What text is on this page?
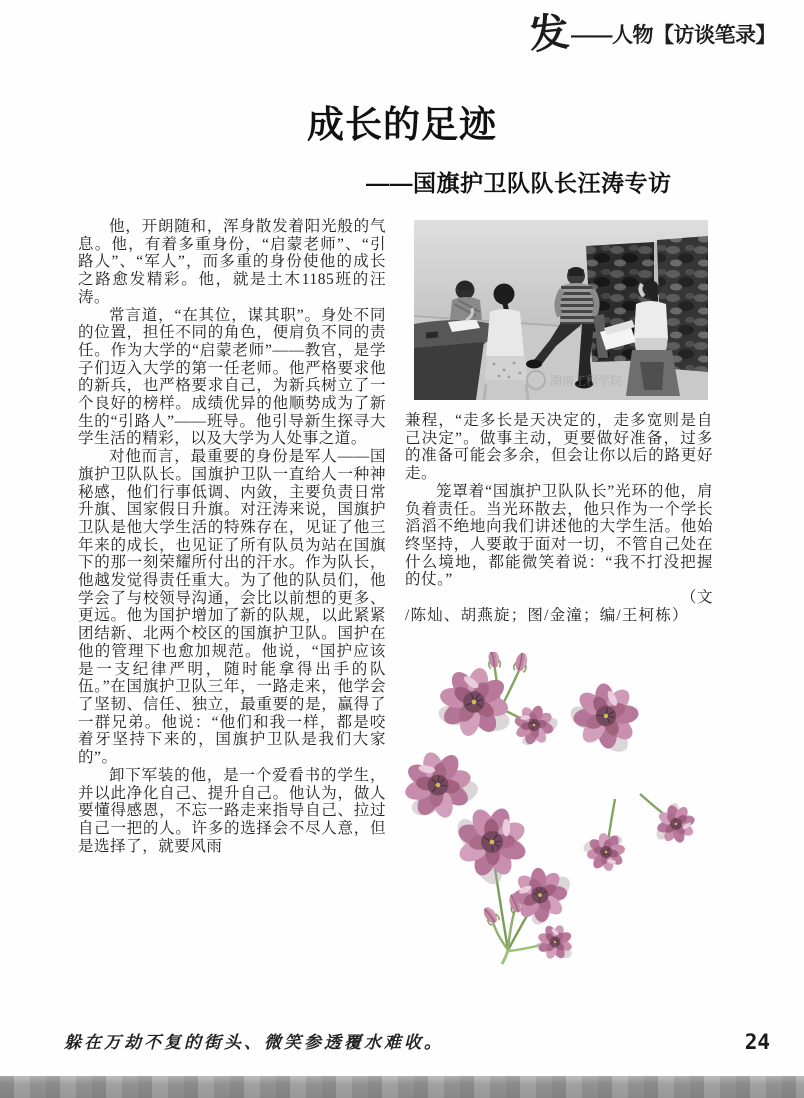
发 ——人物【访谈笔录】
成长的足迹
——国旗护卫队队长汪涛专访

他，开朗随和，浑身散发着阳光般的气息。他，有着多重身份，“启蒙老师”、“引路人”、“军人”，而多重的身份使他的成长之路愈发精彩。他，就是土木1185班的汪涛。

常言道，“在其位，谋其职”。身处不同的位置，担任不同的角色，便肩负不同的责任。作为大学的“启蒙老师”——教官，是学子们迈入大学的第一任老师。他严格要求他的新兵，也严格要求自己，为新兵树立了一个良好的榜样。成绩优异的他顺势成为了新生的“引路人”——班导。他引导新生探寻大学生活的精彩，以及大学为人处事之道。

对他而言，最重要的身份是军人——国旗护卫队队长。国旗护卫队一直给人一种神秘感，他们行事低调、内敛，主要负责日常升旗、国家假日升旗。对汪涛来说，国旗护卫队是他大学生活的特殊存在，见证了他三年来的成长，也见证了所有队员为站在国旗下的那一刻荣耀所付出的汗水。作为队长，他越发觉得责任重大。为了他的队员们，他学会了与校领导沟通，会比以前想的更多、更远。他为国护增加了新的队规，以此紧紧团结新、北两个校区的国旗护卫队。国护在他的管理下也愈加规范。他说，“国护应该是一支纪律严明，随时能拿得出手的队伍。”在国旗护卫队三年，一路走来，他学会了坚韧、信任、独立，最重要的是，赢得了一群兄弟。他说：“他们和我一样，都是咬着牙坚持下来的，国旗护卫队是我们大家的”。

卸下军装的他，是一个爱看书的学生，并以此净化自己、提升自己。他认为，做人要懂得感恩，不忘一路走来指导自己、拉过自己一把的人。许多的选择会不尽人意，但是选择了，就要风雨

湖南工程学院

兼程，“走多长是天决定的，走多宽则是自己决定”。做事主动，更要做好准备，过多的准备可能会多余，但会让你以后的路更好走。

笼罩着“国旗护卫队队长”光环的他，肩负着责任。当光环散去，他只作为一个学长滔滔不绝地向我们讲述他的大学生活。他始终坚持，人要敢于面对一切，不管自己处在什么境地，都能微笑着说：“我不打没把握的仗。”

（文

/陈灿、胡燕旋；图/金潼；编/王柯栋）

躲在万劫不复的街头、微笑参透覆水难收。	24
